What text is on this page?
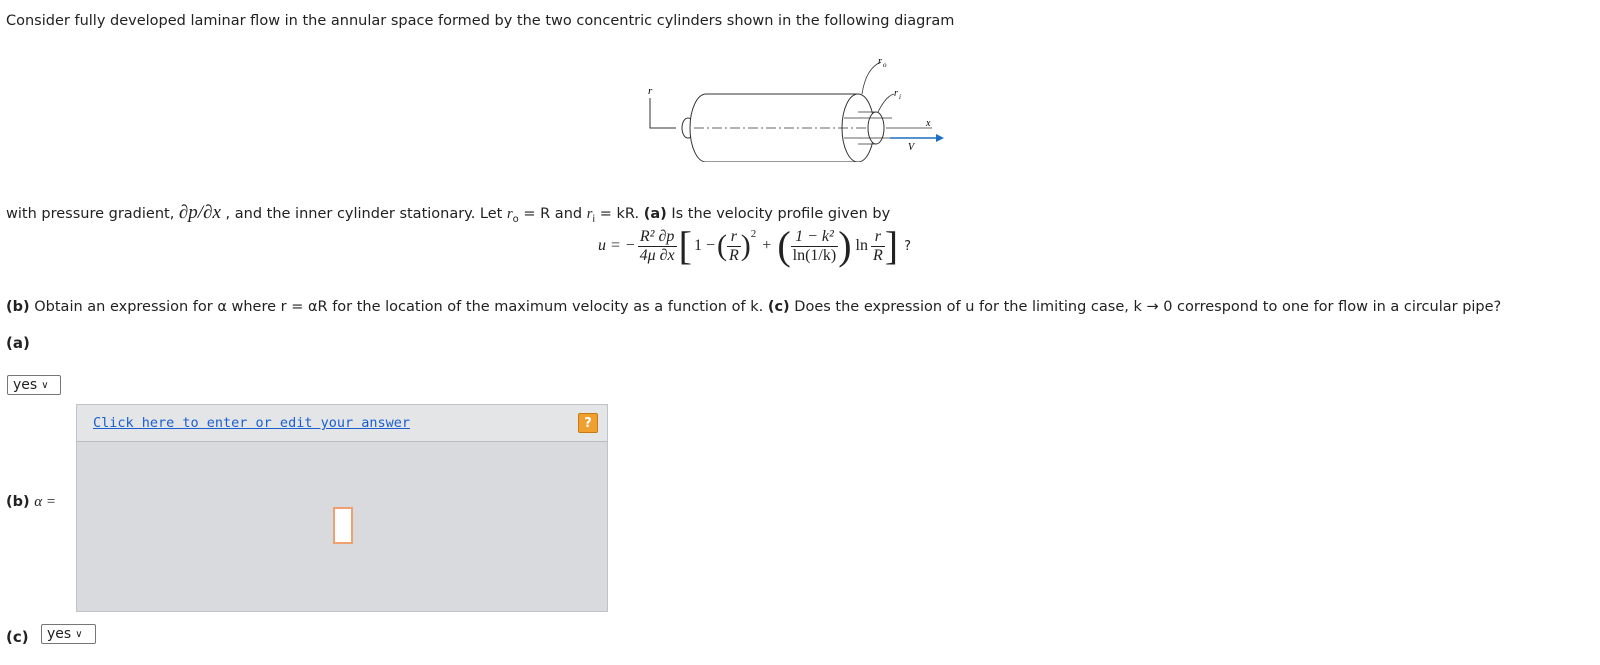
Consider fully developed laminar flow in the annular space formed by the two concentric cylinders shown in the following diagram
r
r o
r i
x
V
with pressure gradient, ∂p/∂x , and the inner cylinder stationary. Let $r_o = R$ and $r_i$ = kR. (a) Is the velocity profile given by
u = − $\frac{\text{R² ∂p}}{4\mu \partial x}$ [ 1 − ( $\frac{r}{R} )^2$
+ ( $\frac{\text{1 − k²}}{\ln(1/k)}$ ) $\ln \frac{r}{R}$ ] ?
(b) Obtain an expression for α where r = αR for the location of the maximum velocity as a function of k. (c) Does the expression of u for the limiting case, k → 0 correspond to one for flow in a circular pipe?
(a)
yes ∨
Click here to enter or edit your answer	?
(b) α =
(c) yes ∨
